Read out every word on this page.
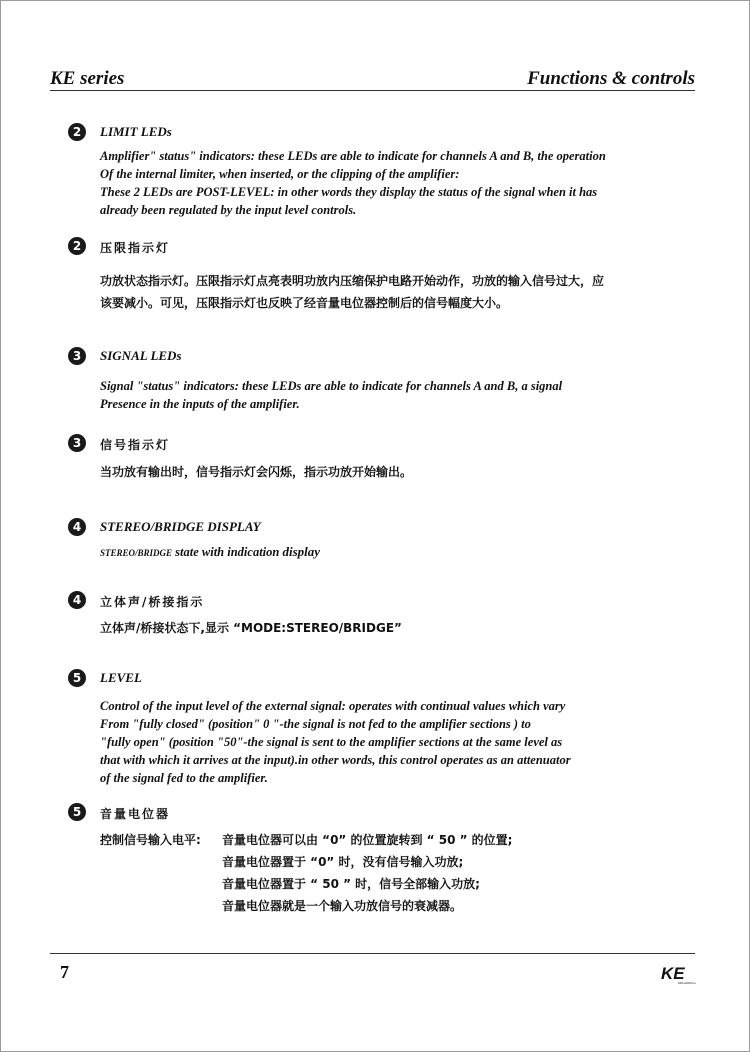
KE series	Functions & controls
2	LIMIT LEDs
Amplifier" status" indicators: these LEDs are able to indicate for channels A and B, the operation
Of the internal limiter, when inserted, or the clipping of the amplifier:
These 2 LEDs are POST-LEVEL: in other words they display the status of the signal when it has
already been regulated by the input level controls.
2	压限指示灯
功放状态指示灯。压限指示灯点亮表明功放内压缩保护电路开始动作，功放的输入信号过大，应
该要减小。可见，压限指示灯也反映了经音量电位器控制后的信号幅度大小。
3	SIGNAL LEDs
Signal "status" indicators: these LEDs are able to indicate for channels A and B, a signal
Presence in the inputs of the amplifier.
3	信号指示灯
当功放有输出时，信号指示灯会闪烁，指示功放开始输出。
4	STEREO/BRIDGE DISPLAY
STEREO/BRIDGE state with indication display
4	立体声/桥接指示
立体声/桥接状态下,显示 “MODE:STEREO/BRIDGE”
5	LEVEL
Control of the input level of the external signal: operates with continual values which vary
From "fully closed" (position" 0 "-the signal is not fed to the amplifier sections ) to
"fully open" (position "50"-the signal is sent to the amplifier sections at the same level as
that with which it arrives at the input).in other words, this control operates as an attenuator
of the signal fed to the amplifier.
5	音量电位器
控制信号输入电平: 音量电位器可以由 “0” 的位置旋转到 “ 50 ” 的位置;
音量电位器置于 “0” 时，没有信号输入功放;
音量电位器置于 “ 50 ” 时，信号全部输入功放;
音量电位器就是一个输入功放信号的衰减器。
7	KE
KOLAUDIO+
